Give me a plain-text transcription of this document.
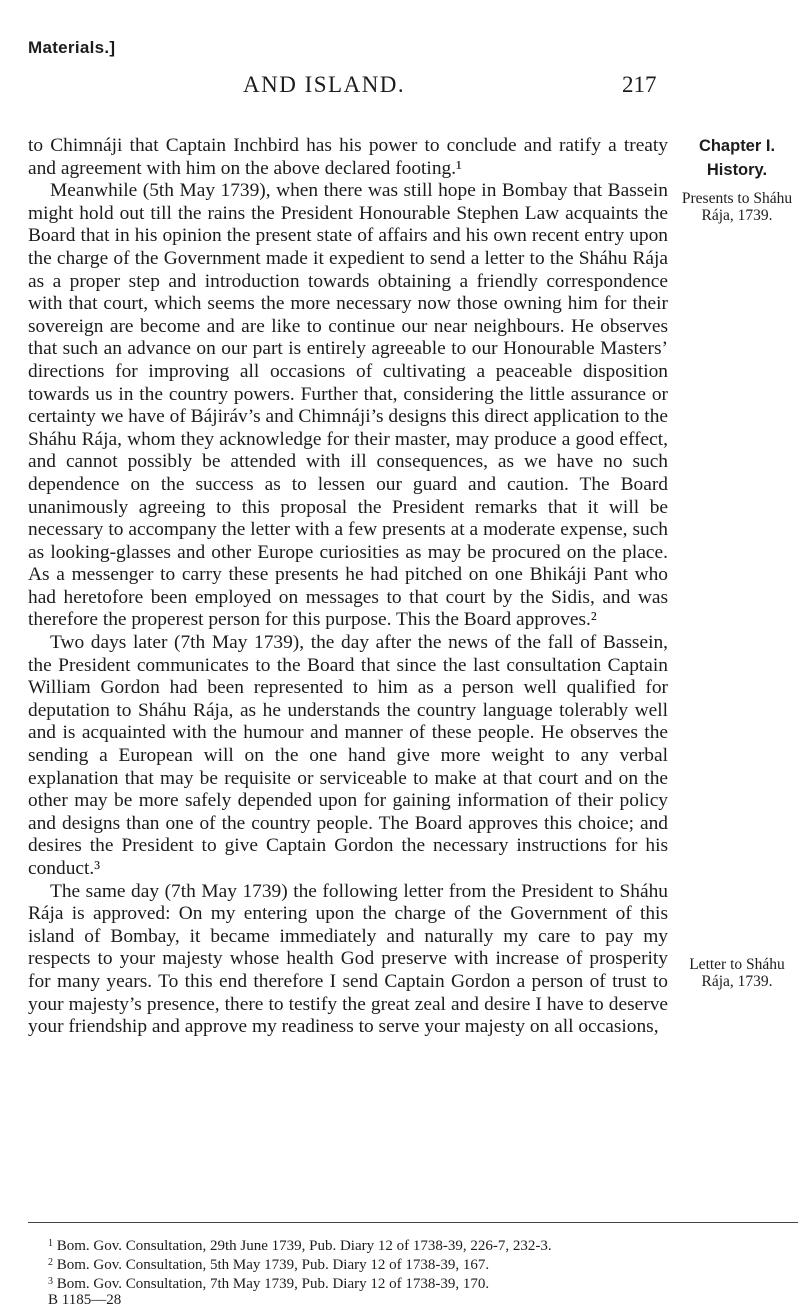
Materials.]
AND ISLAND.	217

to Chimnáji that Captain Inchbird has his power to conclude and ratify a treaty and agreement with him on the above declared footing.¹

Meanwhile (5th May 1739), when there was still hope in Bombay that Bassein might hold out till the rains the President Honourable Stephen Law acquaints the Board that in his opinion the present state of affairs and his own recent entry upon the charge of the Government made it expedient to send a letter to the Sháhu Rája as a proper step and introduction towards obtaining a friendly correspondence with that court, which seems the more necessary now those owning him for their sovereign are become and are like to continue our near neighbours. He observes that such an advance on our part is entirely agreeable to our Honourable Masters’ directions for improving all occasions of cultivating a peaceable disposition towards us in the country powers. Further that, considering the little assurance or certainty we have of Bájiráv’s and Chimnáji’s designs this direct application to the Sháhu Rája, whom they acknowledge for their master, may produce a good effect, and cannot possibly be attended with ill consequences, as we have no such dependence on the success as to lessen our guard and caution. The Board unanimously agreeing to this proposal the President remarks that it will be necessary to accompany the letter with a few presents at a moderate expense, such as looking-glasses and other Europe curiosities as may be procured on the place. As a messenger to carry these presents he had pitched on one Bhikáji Pant who had heretofore been employed on messages to that court by the Sidis, and was therefore the properest person for this purpose. This the Board approves.²

Two days later (7th May 1739), the day after the news of the fall of Bassein, the President communicates to the Board that since the last consultation Captain William Gordon had been represented to him as a person well qualified for deputation to Sháhu Rája, as he understands the country language tolerably well and is acquainted with the humour and manner of these people. He observes the sending a European will on the one hand give more weight to any verbal explanation that may be requisite or serviceable to make at that court and on the other may be more safely depended upon for gaining information of their policy and designs than one of the country people. The Board approves this choice; and desires the President to give Captain Gordon the necessary instructions for his conduct.³

The same day (7th May 1739) the following letter from the President to Sháhu Rája is approved: On my entering upon the charge of the Government of this island of Bombay, it became immediately and naturally my care to pay my respects to your majesty whose health God preserve with increase of prosperity for many years. To this end therefore I send Captain Gordon a person of trust to your majesty’s presence, there to testify the great zeal and desire I have to deserve your friendship and approve my readiness to serve your majesty on all occasions,

Chapter I.
History.
Presents to Sháhu Rája, 1739.
Letter to Sháhu Rája, 1739.
$^1$ Bom. Gov. Consultation, 29th June 1739, Pub. Diary 12 of 1738-39, 226-7, 232-3.
$^2$ Bom. Gov. Consultation, 5th May 1739, Pub. Diary 12 of 1738-39, 167.
$^3$ Bom. Gov. Consultation, 7th May 1739, Pub. Diary 12 of 1738-39, 170.
B 1185—28
